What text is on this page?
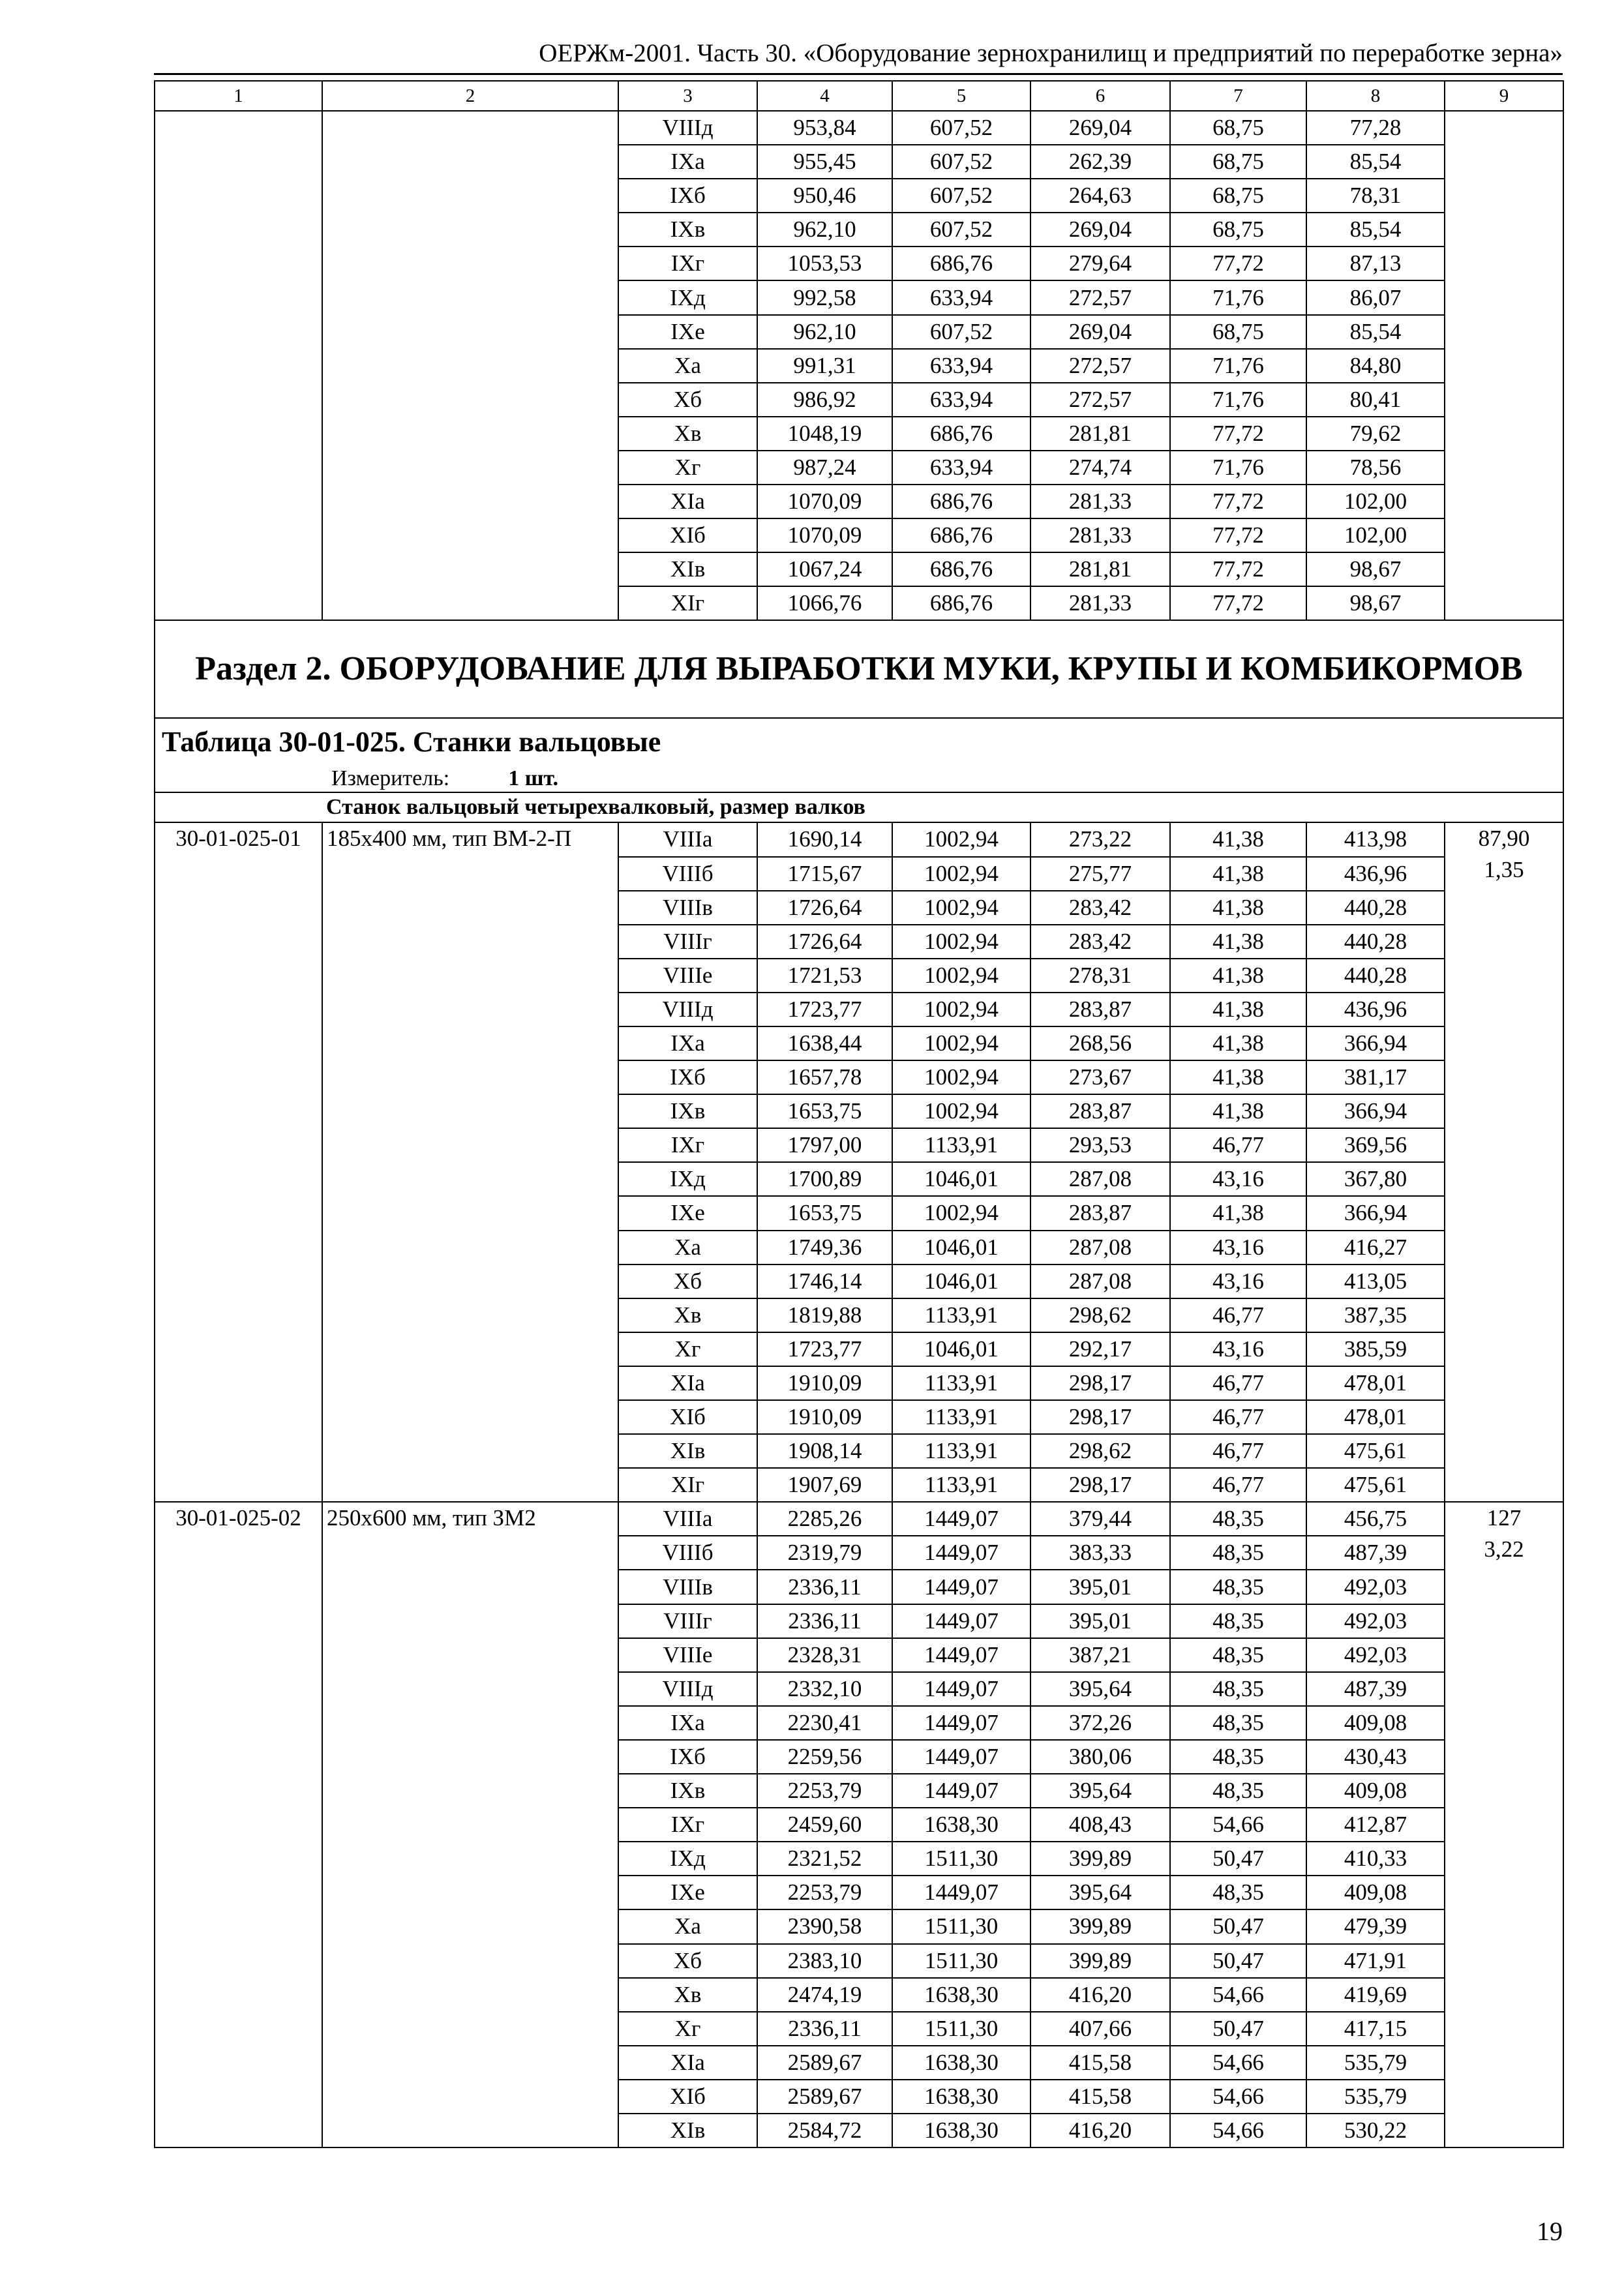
ОЕРЖм-2001. Часть 30. «Оборудование зернохранилищ и предприятий по переработке зерна»
1	2	3	4	5	6	7	8	9
		VIIIд	953,84	607,52	269,04	68,75	77,28	
		IXа	955,45	607,52	262,39	68,75	85,54	
		IXб	950,46	607,52	264,63	68,75	78,31	
		IXв	962,10	607,52	269,04	68,75	85,54	
		IXг	1053,53	686,76	279,64	77,72	87,13	
		IXд	992,58	633,94	272,57	71,76	86,07	
		IXе	962,10	607,52	269,04	68,75	85,54	
		Xа	991,31	633,94	272,57	71,76	84,80	
		Xб	986,92	633,94	272,57	71,76	80,41	
		Xв	1048,19	686,76	281,81	77,72	79,62	
		Xг	987,24	633,94	274,74	71,76	78,56	
		XIа	1070,09	686,76	281,33	77,72	102,00	
		XIб	1070,09	686,76	281,33	77,72	102,00	
		XIв	1067,24	686,76	281,81	77,72	98,67	
		XIг	1066,76	686,76	281,33	77,72	98,67	
Раздел 2. ОБОРУДОВАНИЕ ДЛЯ ВЫРАБОТКИ МУКИ, КРУПЫ И КОМБИКОРМОВ								
Таблица 30-01-025. Станки вальцовые								
Измеритель: 1 шт.								
	Станок вальцовый четырехвалковый, размер валков							
30-01-025-01	185х400 мм, тип ВМ-2-П	VIIIа	1690,14	1002,94	273,22	41,38	413,98	87,90
1,35

		VIIIб	1715,67	1002,94	275,77	41,38	436,96	
		VIIIв	1726,64	1002,94	283,42	41,38	440,28	
		VIIIг	1726,64	1002,94	283,42	41,38	440,28	
		VIIIе	1721,53	1002,94	278,31	41,38	440,28	
		VIIIд	1723,77	1002,94	283,87	41,38	436,96	
		IXа	1638,44	1002,94	268,56	41,38	366,94	
		IXб	1657,78	1002,94	273,67	41,38	381,17	
		IXв	1653,75	1002,94	283,87	41,38	366,94	
		IXг	1797,00	1133,91	293,53	46,77	369,56	
		IXд	1700,89	1046,01	287,08	43,16	367,80	
		IXе	1653,75	1002,94	283,87	41,38	366,94	
		Xа	1749,36	1046,01	287,08	43,16	416,27	
		Xб	1746,14	1046,01	287,08	43,16	413,05	
		Xв	1819,88	1133,91	298,62	46,77	387,35	
		Xг	1723,77	1046,01	292,17	43,16	385,59	
		XIа	1910,09	1133,91	298,17	46,77	478,01	
		XIб	1910,09	1133,91	298,17	46,77	478,01	
		XIв	1908,14	1133,91	298,62	46,77	475,61	
		XIг	1907,69	1133,91	298,17	46,77	475,61	
30-01-025-02	250х600 мм, тип ЗМ2	VIIIа	2285,26	1449,07	379,44	48,35	456,75	127
3,22

		VIIIб	2319,79	1449,07	383,33	48,35	487,39	
		VIIIв	2336,11	1449,07	395,01	48,35	492,03	
		VIIIг	2336,11	1449,07	395,01	48,35	492,03	
		VIIIе	2328,31	1449,07	387,21	48,35	492,03	
		VIIIд	2332,10	1449,07	395,64	48,35	487,39	
		IXа	2230,41	1449,07	372,26	48,35	409,08	
		IXб	2259,56	1449,07	380,06	48,35	430,43	
		IXв	2253,79	1449,07	395,64	48,35	409,08	
		IXг	2459,60	1638,30	408,43	54,66	412,87	
		IXд	2321,52	1511,30	399,89	50,47	410,33	
		IXе	2253,79	1449,07	395,64	48,35	409,08	
		Xа	2390,58	1511,30	399,89	50,47	479,39	
		Xб	2383,10	1511,30	399,89	50,47	471,91	
		Xв	2474,19	1638,30	416,20	54,66	419,69	
		Xг	2336,11	1511,30	407,66	50,47	417,15	
		XIа	2589,67	1638,30	415,58	54,66	535,79	
		XIб	2589,67	1638,30	415,58	54,66	535,79	
		XIв	2584,72	1638,30	416,20	54,66	530,22	
19
